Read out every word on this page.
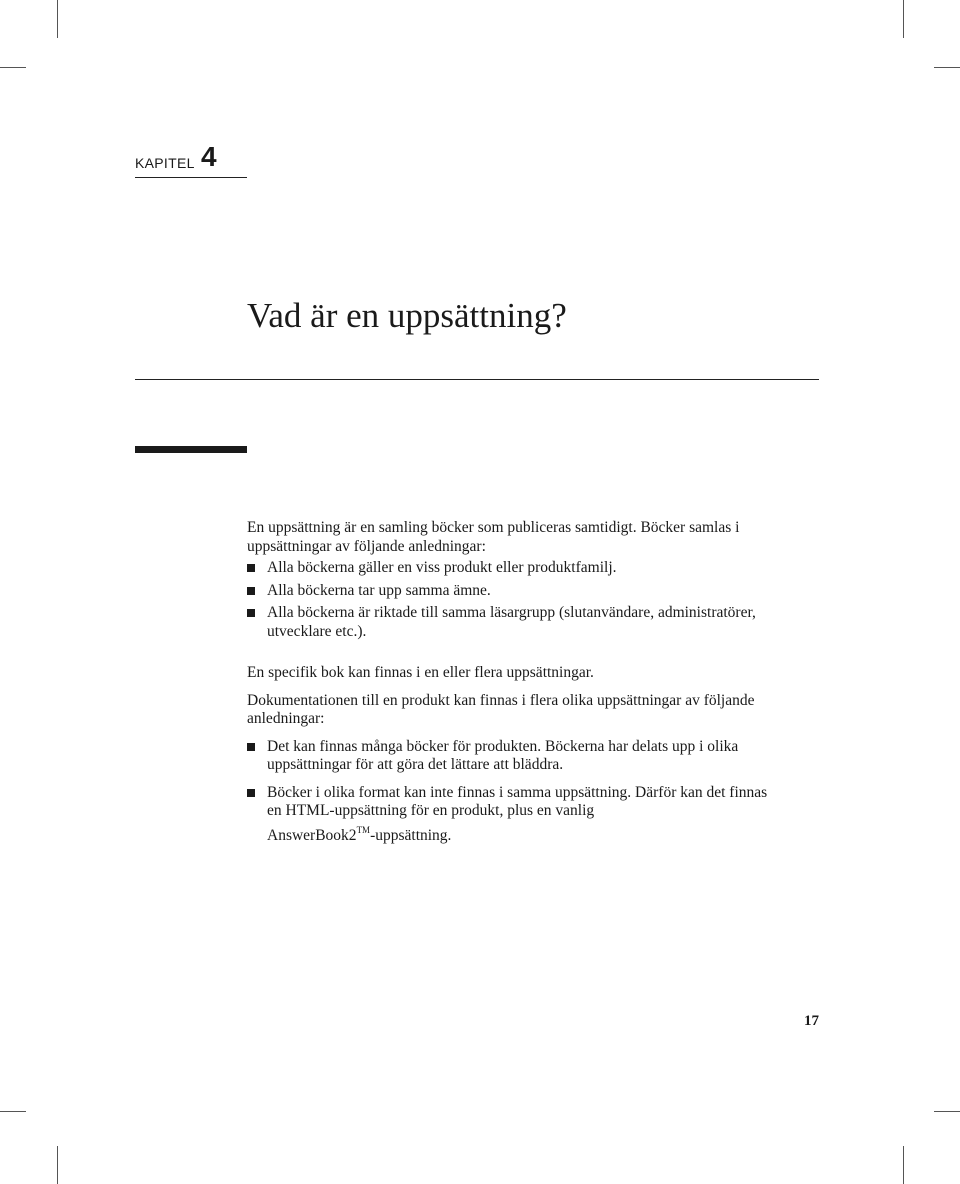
KAPITEL 4
Vad är en uppsättning?

En uppsättning är en samling böcker som publiceras samtidigt. Böcker samlas i
uppsättningar av följande anledningar:

Alla böckerna gäller en viss produkt eller produktfamilj.
Alla böckerna tar upp samma ämne.
Alla böckerna är riktade till samma läsargrupp (slutanvändare, administratörer,
utvecklare etc.).

En specifik bok kan finnas i en eller flera uppsättningar.

Dokumentationen till en produkt kan finnas i flera olika uppsättningar av följande
anledningar:

Det kan finnas många böcker för produkten. Böckerna har delats upp i olika
uppsättningar för att göra det lättare att bläddra.
Böcker i olika format kan inte finnas i samma uppsättning. Därför kan det finnas
en HTML-uppsättning för en produkt, plus en vanlig
AnswerBook2™-uppsättning.
17
